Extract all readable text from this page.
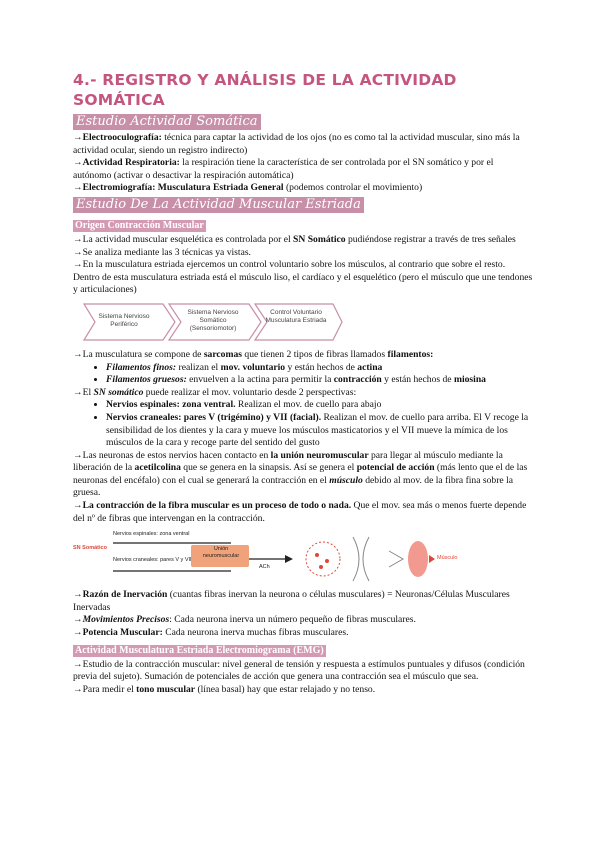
4.- REGISTRO Y ANÁLISIS DE LA ACTIVIDAD SOMÁTICA
Estudio Actividad Somática

→Electrooculografía: técnica para captar la actividad de los ojos (no es como tal la actividad muscular, sino más la actividad ocular, siendo un registro indirecto)

→Actividad Respiratoria: la respiración tiene la característica de ser controlada por el SN somático y por el autónomo (activar o desactivar la respiración automática)

→Electromiografía: Musculatura Estriada General (podemos controlar el movimiento)

Estudio De La Actividad Muscular Estriada
Origen Contracción Muscular

→La actividad muscular esquelética es controlada por el SN Somático pudiéndose registrar a través de tres señales

→Se analiza mediante las 3 técnicas ya vistas.

→En la musculatura estriada ejercemos un control voluntario sobre los músculos, al contrario que sobre el resto. Dentro de esta musculatura estriada está el músculo liso, el cardíaco y el esquelético (pero el músculo que une tendones y articulaciones)

Sistema Nervioso Periférico
Sistema Nervioso Somático (Sensoriomotor)
Control Voluntario Musculatura Estriada

→La musculatura se compone de sarcomas que tienen 2 tipos de fibras llamados filamentos:

• Filamentos finos: realizan el mov. voluntario y están hechos de actina
• Filamentos gruesos: envuelven a la actina para permitir la contracción y están hechos de miosina

→El SN somático puede realizar el mov. voluntario desde 2 perspectivas:

• Nervios espinales: zona ventral. Realizan el mov. de cuello para abajo
• Nervios craneales: pares V (trigémino) y VII (facial). Realizan el mov. de cuello para arriba. El V recoge la sensibilidad de los dientes y la cara y mueve los músculos masticatorios y el VII mueve la mímica de los músculos de la cara y recoge parte del sentido del gusto

→Las neuronas de estos nervios hacen contacto en la unión neuromuscular para llegar al músculo mediante la liberación de la acetilcolina que se genera en la sinapsis. Así se genera el potencial de acción (más lento que el de las neuronas del encéfalo) con el cual se generará la contracción en el músculo debido al mov. de la fibra fina sobre la gruesa.

→La contracción de la fibra muscular es un proceso de todo o nada. Que el mov. sea más o menos fuerte depende del nº de fibras que intervengan en la contracción.

SN Somático
Nervios espinales: zona ventral
Nervios craneales: pares V y VII
Unión neuromuscular
ACh
Músculo

→Razón de Inervación (cuantas fibras inervan la neurona o células musculares) = Neuronas/Células Musculares Inervadas

→Movimientos Precisos: Cada neurona inerva un número pequeño de fibras musculares.

→Potencia Muscular: Cada neurona inerva muchas fibras musculares.

Actividad Musculatura Estriada Electromiograma (EMG)

→Estudio de la contracción muscular: nivel general de tensión y respuesta a estímulos puntuales y difusos (condición previa del sujeto). Sumación de potenciales de acción que genera una contracción sea el músculo que sea.

→Para medir el tono muscular (línea basal) hay que estar relajado y no tenso.
